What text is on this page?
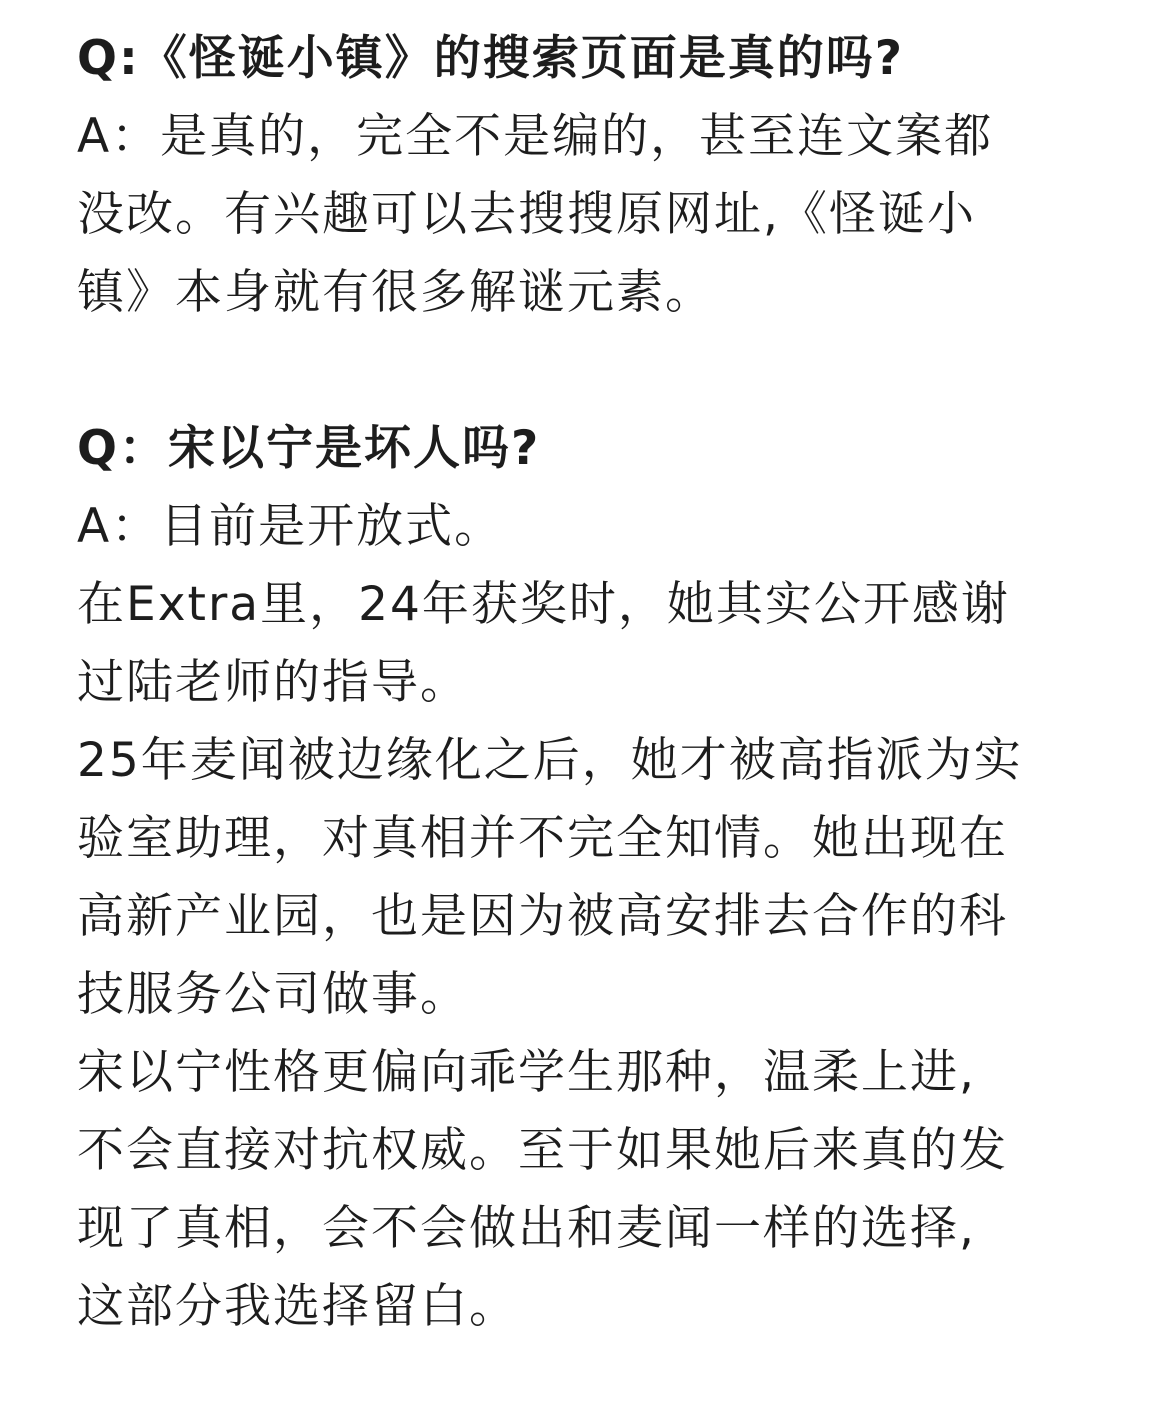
Q:《怪诞小镇》的搜索页面是真的吗?
A：是真的，完全不是编的，甚至连文案都
没改。有兴趣可以去搜搜原网址,《怪诞小
镇》本身就有很多解谜元素。
Q：宋以宁是坏人吗?
A：目前是开放式。
在Extra里，24年获奖时，她其实公开感谢
过陆老师的指导。
25年麦闻被边缘化之后，她才被高指派为实
验室助理，对真相并不完全知情。她出现在
高新产业园，也是因为被高安排去合作的科
技服务公司做事。
宋以宁性格更偏向乖学生那种，温柔上进,
不会直接对抗权威。至于如果她后来真的发
现了真相，会不会做出和麦闻一样的选择,
这部分我选择留白。
